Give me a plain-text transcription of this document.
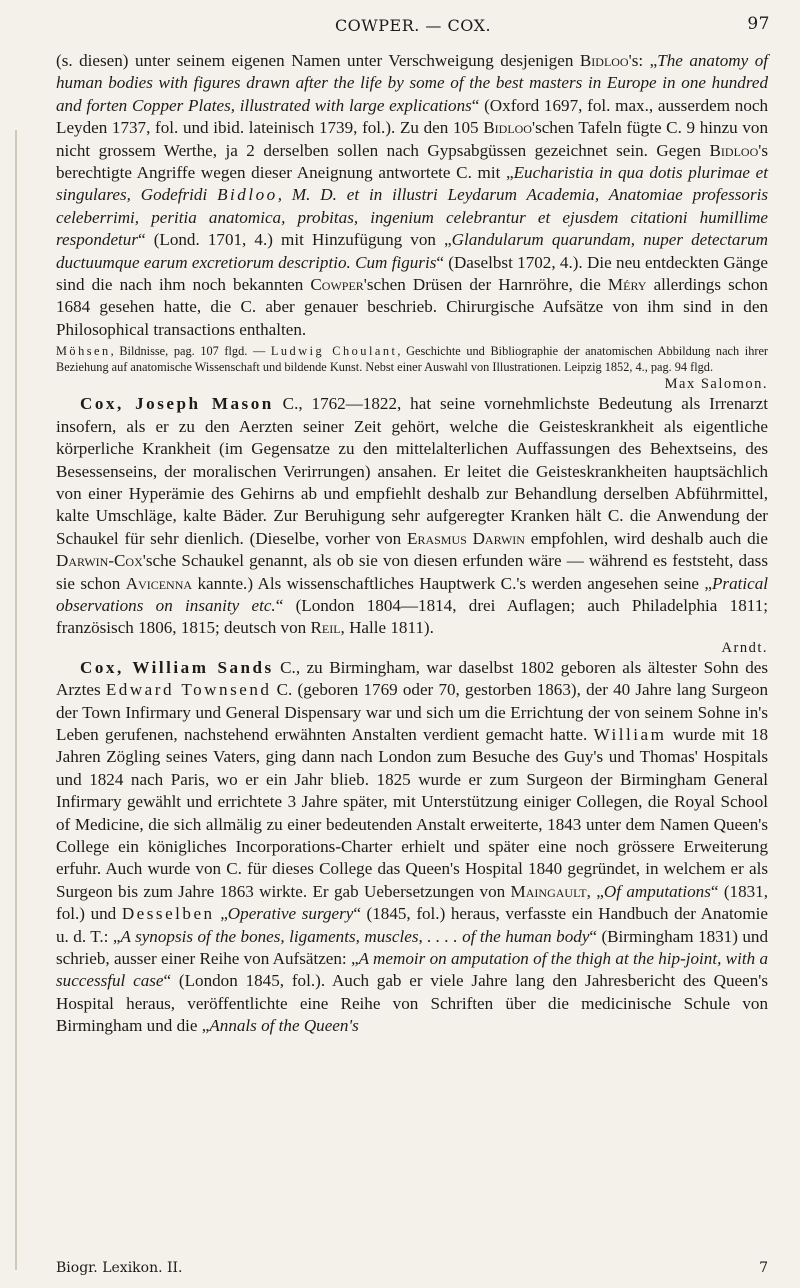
COWPER. — COX.	97

(s. diesen) unter seinem eigenen Namen unter Verschweigung desjenigen Bidloo's: „The anatomy of human bodies with figures drawn after the life by some of the best masters in Europe in one hundred and forten Copper Plates, illustrated with large explications“ (Oxford 1697, fol. max., ausserdem noch Leyden 1737, fol. und ibid. lateinisch 1739, fol.). Zu den 105 Bidloo'schen Tafeln fügte C. 9 hinzu von nicht grossem Werthe, ja 2 derselben sollen nach Gypsabgüssen gezeichnet sein. Gegen Bidloo's berechtigte Angriffe wegen dieser Aneignung antwortete C. mit „Eucharistia in qua dotis plurimae et singulares, Godefridi Bidloo, M. D. et in illustri Leydarum Academia, Anatomiae professoris celeberrimi, peritia anatomica, probitas, ingenium celebrantur et ejusdem citationi humillime respondetur“ (Lond. 1701, 4.) mit Hinzufügung von „Glandularum quarundam, nuper detectarum ductuumque earum excretiorum descriptio. Cum figuris“ (Daselbst 1702, 4.). Die neu entdeckten Gänge sind die nach ihm noch bekannten Cowper'schen Drüsen der Harnröhre, die Méry allerdings schon 1684 gesehen hatte, die C. aber genauer beschrieb. Chirurgische Aufsätze von ihm sind in den Philosophical transactions enthalten.

Möhsen, Bildnisse, pag. 107 flgd. — Ludwig Choulant, Geschichte und Bibliographie der anatomischen Abbildung nach ihrer Beziehung auf anatomische Wissenschaft und bildende Kunst. Nebst einer Auswahl von Illustrationen. Leipzig 1852, 4., pag. 94 flgd.

Max Salomon.

Cox, Joseph Mason C., 1762—1822, hat seine vornehmlichste Bedeutung als Irrenarzt insofern, als er zu den Aerzten seiner Zeit gehört, welche die Geisteskrankheit als eigentliche körperliche Krankheit (im Gegensatze zu den mittelalterlichen Auffassungen des Behextseins, des Besessenseins, der moralischen Verirrungen) ansahen. Er leitet die Geisteskrankheiten hauptsächlich von einer Hyperämie des Gehirns ab und empfiehlt deshalb zur Behandlung derselben Abführmittel, kalte Umschläge, kalte Bäder. Zur Beruhigung sehr aufgeregter Kranken hält C. die Anwendung der Schaukel für sehr dienlich. (Dieselbe, vorher von Erasmus Darwin empfohlen, wird deshalb auch die Darwin-Cox'sche Schaukel genannt, als ob sie von diesen erfunden wäre — während es feststeht, dass sie schon Avicenna kannte.) Als wissenschaftliches Hauptwerk C.'s werden angesehen seine „Pratical observations on insanity etc.“ (London 1804—1814, drei Auflagen; auch Philadelphia 1811; französisch 1806, 1815; deutsch von Reil, Halle 1811).

Arndt.

Cox, William Sands C., zu Birmingham, war daselbst 1802 geboren als ältester Sohn des Arztes Edward Townsend C. (geboren 1769 oder 70, gestorben 1863), der 40 Jahre lang Surgeon der Town Infirmary und General Dispensary war und sich um die Errichtung der von seinem Sohne in's Leben gerufenen, nachstehend erwähnten Anstalten verdient gemacht hatte. William wurde mit 18 Jahren Zögling seines Vaters, ging dann nach London zum Besuche des Guy's und Thomas' Hospitals und 1824 nach Paris, wo er ein Jahr blieb. 1825 wurde er zum Surgeon der Birmingham General Infirmary gewählt und errichtete 3 Jahre später, mit Unterstützung einiger Collegen, die Royal School of Medicine, die sich allmälig zu einer bedeutenden Anstalt erweiterte, 1843 unter dem Namen Queen's College ein königliches Incorporations-Charter erhielt und später eine noch grössere Erweiterung erfuhr. Auch wurde von C. für dieses College das Queen's Hospital 1840 gegründet, in welchem er als Surgeon bis zum Jahre 1863 wirkte. Er gab Uebersetzungen von Maingault, „Of amputations“ (1831, fol.) und Desselben „Operative surgery“ (1845, fol.) heraus, verfasste ein Handbuch der Anatomie u. d. T.: „A synopsis of the bones, ligaments, muscles, . . . . of the human body“ (Birmingham 1831) und schrieb, ausser einer Reihe von Aufsätzen: „A memoir on amputation of the thigh at the hip-joint, with a successful case“ (London 1845, fol.). Auch gab er viele Jahre lang den Jahresbericht des Queen's Hospital heraus, veröffentlichte eine Reihe von Schriften über die medicinische Schule von Birmingham und die „Annals of the Queen's

Biogr. Lexikon. II.	7
